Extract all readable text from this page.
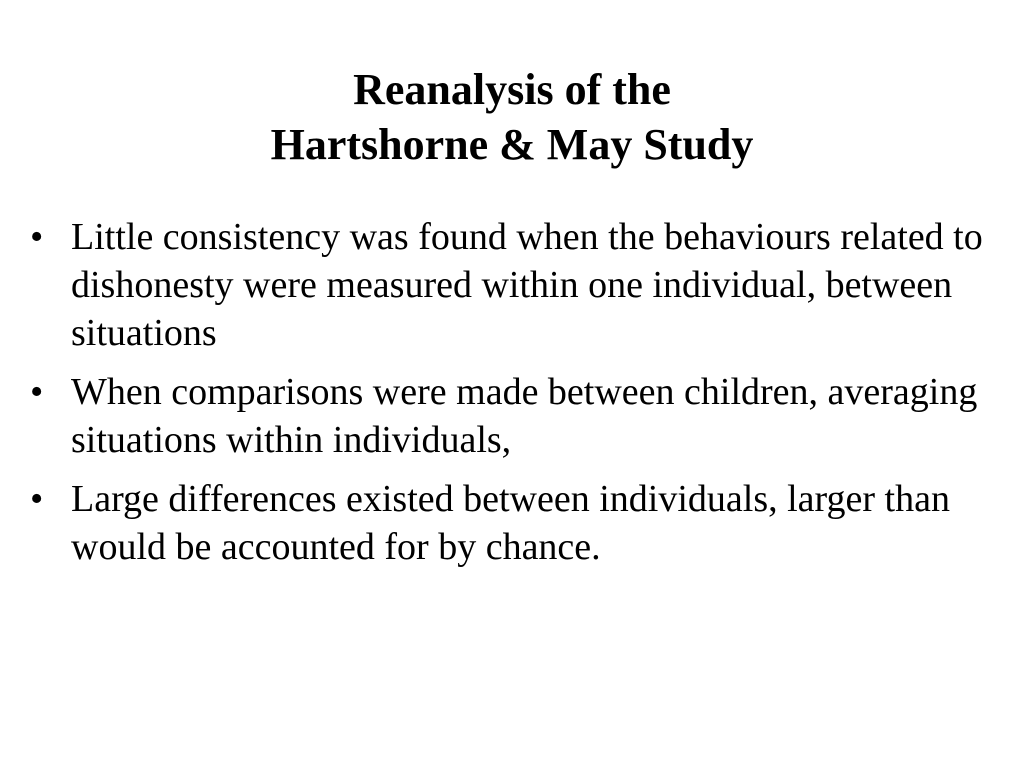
Reanalysis of the
Hartshorne & May Study
• Little consistency was found when the behaviours related to dishonesty were measured within one individual, between situations
• When comparisons were made between children, averaging situations within individuals,
• Large differences existed between individuals, larger than would be accounted for by chance.
